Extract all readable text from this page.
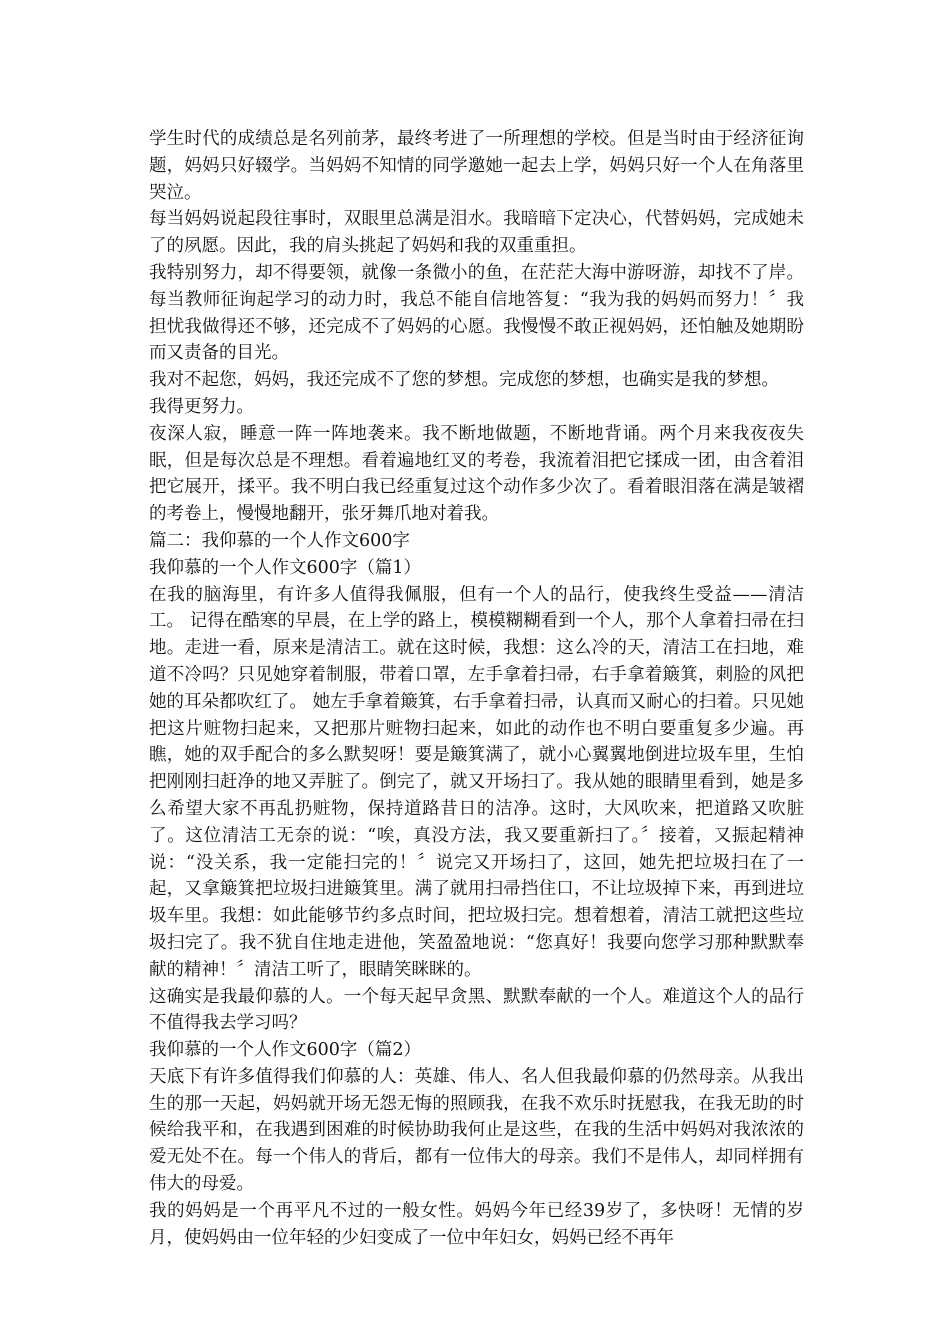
学生时代的成绩总是名列前茅，最终考进了一所理想的学校。但是当时由于经济征询题，妈妈只好辍学。当妈妈不知情的同学邀她一起去上学，妈妈只好一个人在角落里哭泣。

每当妈妈说起段往事时，双眼里总满是泪水。我暗暗下定决心，代替妈妈，完成她未了的夙愿。因此，我的肩头挑起了妈妈和我的双重重担。

我特别努力，却不得要领，就像一条微小的鱼，在茫茫大海中游呀游，却找不了岸。每当教师征询起学习的动力时，我总不能自信地答复：“我为我的妈妈而努力！〞我担忧我做得还不够，还完成不了妈妈的心愿。我慢慢不敢正视妈妈，还怕触及她期盼而又责备的目光。

我对不起您，妈妈，我还完成不了您的梦想。完成您的梦想，也确实是我的梦想。

我得更努力。

夜深人寂，睡意一阵一阵地袭来。我不断地做题，不断地背诵。两个月来我夜夜失眠，但是每次总是不理想。看着遍地红叉的考卷，我流着泪把它揉成一团，由含着泪把它展开，揉平。我不明白我已经重复过这个动作多少次了。看着眼泪落在满是皱褶的考卷上，慢慢地翻开，张牙舞爪地对着我。

篇二：我仰慕的一个人作文600字

我仰慕的一个人作文600字（篇1）

在我的脑海里，有许多人值得我佩服，但有一个人的品行，使我终生受益——清洁工。 记得在酷寒的早晨，在上学的路上，模模糊糊看到一个人，那个人拿着扫帚在扫地。走进一看，原来是清洁工。就在这时候，我想：这么冷的天，清洁工在扫地，难道不冷吗？只见她穿着制服，带着口罩，左手拿着扫帚，右手拿着簸箕，刺脸的风把她的耳朵都吹红了。 她左手拿着簸箕，右手拿着扫帚，认真而又耐心的扫着。只见她把这片赃物扫起来，又把那片赃物扫起来，如此的动作也不明白要重复多少遍。再瞧，她的双手配合的多么默契呀！要是簸箕满了，就小心翼翼地倒进垃圾车里，生怕把刚刚扫赶净的地又弄脏了。倒完了，就又开场扫了。我从她的眼睛里看到，她是多么希望大家不再乱扔赃物，保持道路昔日的洁净。这时，大风吹来，把道路又吹脏了。这位清洁工无奈的说：“唉，真没方法，我又要重新扫了。〞接着，又振起精神说：“没关系，我一定能扫完的！〞说完又开场扫了，这回，她先把垃圾扫在了一起，又拿簸箕把垃圾扫进簸箕里。满了就用扫帚挡住口，不让垃圾掉下来，再到进垃圾车里。我想：如此能够节约多点时间，把垃圾扫完。想着想着，清洁工就把这些垃圾扫完了。我不犹自住地走进他，笑盈盈地说：“您真好！我要向您学习那种默默奉献的精神！〞清洁工听了，眼睛笑眯眯的。

这确实是我最仰慕的人。一个每天起早贪黑、默默奉献的一个人。难道这个人的品行不值得我去学习吗？

我仰慕的一个人作文600字（篇2）

天底下有许多值得我们仰慕的人：英雄、伟人、名人但我最仰慕的仍然母亲。从我出生的那一天起，妈妈就开场无怨无悔的照顾我，在我不欢乐时抚慰我，在我无助的时候给我平和，在我遇到困难的时候协助我何止是这些，在我的生活中妈妈对我浓浓的爱无处不在。每一个伟人的背后，都有一位伟大的母亲。我们不是伟人，却同样拥有伟大的母爱。

我的妈妈是一个再平凡不过的一般女性。妈妈今年已经39岁了，多快呀！无情的岁月，使妈妈由一位年轻的少妇变成了一位中年妇女，妈妈已经不再年
